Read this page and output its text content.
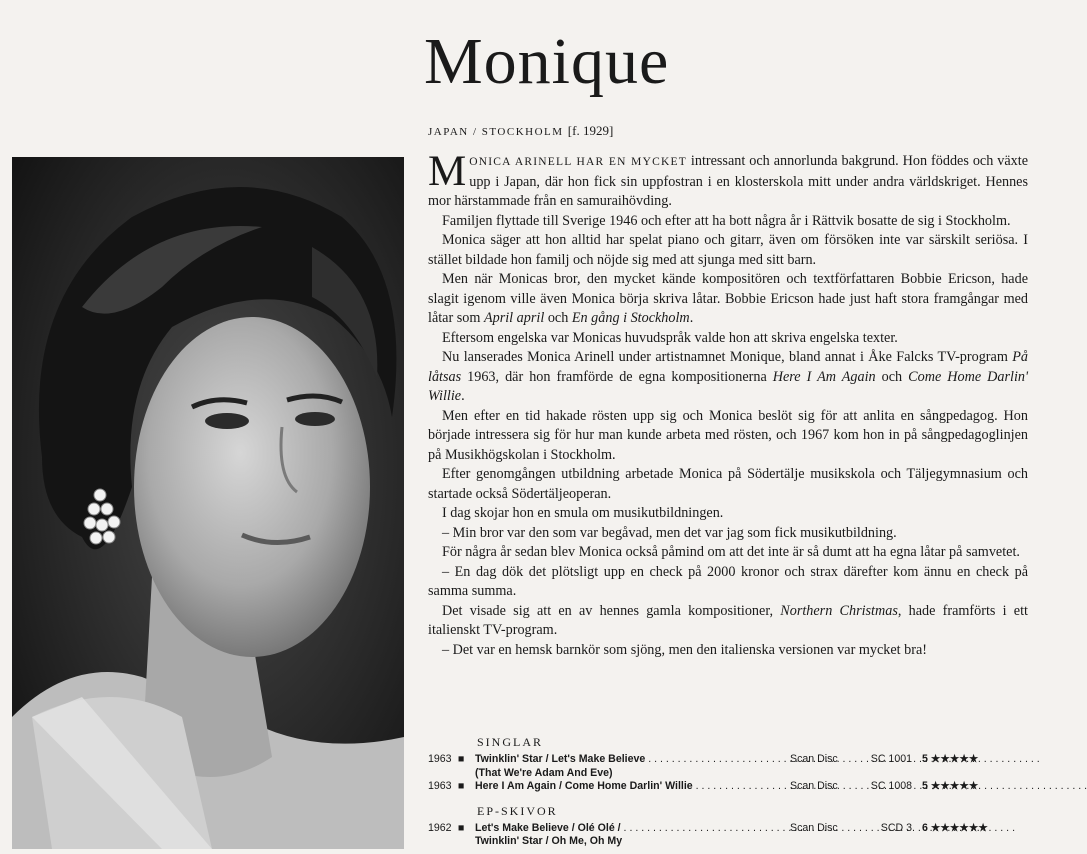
Monique
JAPAN / STOCKHOLM [f. 1929]

MONICA ARINELL HAR EN MYCKET intressant och annorlunda bakgrund. Hon föddes och växte upp i Japan, där hon fick sin uppfostran i en klosterskola mitt under andra världskriget. Hennes mor härstammade från en samuraihövding.

Familjen flyttade till Sverige 1946 och efter att ha bott några år i Rättvik bosatte de sig i Stockholm.

Monica säger att hon alltid har spelat piano och gitarr, även om försöken inte var särskilt seriösa. I stället bildade hon familj och nöjde sig med att sjunga med sitt barn.

Men när Monicas bror, den mycket kände kompositören och textförfattaren Bobbie Ericson, hade slagit igenom ville även Monica börja skriva låtar. Bobbie Ericson hade just haft stora framgångar med låtar som April april och En gång i Stockholm.

Eftersom engelska var Monicas huvudspråk valde hon att skriva engelska texter.

Nu lanserades Monica Arinell under artistnamnet Monique, bland annat i Åke Falcks TV-program På låtsas 1963, där hon framförde de egna kompositionerna Here I Am Again och Come Home Darlin' Willie.

Men efter en tid hakade rösten upp sig och Monica beslöt sig för att anlita en sångpedagog. Hon började intressera sig för hur man kunde arbeta med rösten, och 1967 kom hon in på sångpedagoglinjen på Musikhögskolan i Stockholm.

Efter genomgången utbildning arbetade Monica på Södertälje musikskola och Täljegymnasium och startade också Södertäljeoperan.

I dag skojar hon en smula om musikutbildningen.

– Min bror var den som var begåvad, men det var jag som fick musikutbildning.

För några år sedan blev Monica också påmind om att det inte är så dumt att ha egna låtar på samvetet.

– En dag dök det plötsligt upp en check på 2000 kronor och strax därefter kom ännu en check på samma summa.

Det visade sig att en av hennes gamla kompositioner, Northern Christmas, hade framförts i ett italienskt TV-program.

– Det var en hemsk barnkör som sjöng, men den italienska versionen var mycket bra!

SINGLAR
1963 ■ Twinklin' Star / Let's Make Believe . . .	Scan Disc	SC 1001 5 ★★★★★
(That We're Adam And Eve)
1963 ■ Here I Am Again / Come Home Darlin' Willie . . .	Scan Disc	SC 1008 5 ★★★★★
EP-SKIVOR
1962 ■ Let's Make Believe / Olé Olé / . . .	Scan Disc	SCD 3 6 ★★★★★★
Twinklin' Star / Oh Me, Oh My
